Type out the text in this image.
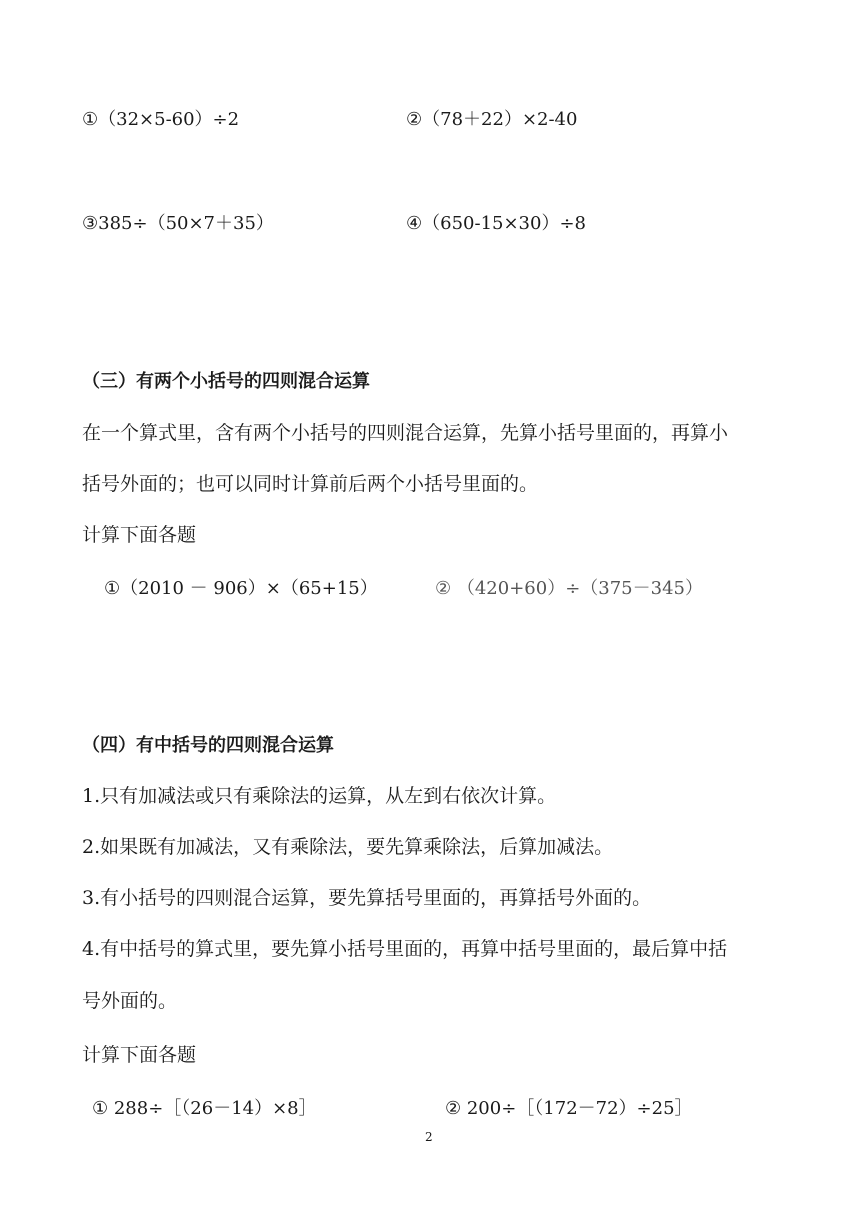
①（32×5-60）÷2	②（78＋22）×2-40
③385÷（50×7＋35）	④（650-15×30）÷8
（三）有两个小括号的四则混合运算
在一个算式里，含有两个小括号的四则混合运算，先算小括号里面的，再算小
括号外面的；也可以同时计算前后两个小括号里面的。
计算下面各题
①（2010 － 906）×（65+15）	② （420+60）÷（375－345）
（四）有中括号的四则混合运算
1.只有加减法或只有乘除法的运算，从左到右依次计算。
2.如果既有加减法，又有乘除法，要先算乘除法，后算加减法。
3.有小括号的四则混合运算，要先算括号里面的，再算括号外面的。
4.有中括号的算式里，要先算小括号里面的，再算中括号里面的，最后算中括
号外面的。
计算下面各题
① 288÷［（26－14）×8］	② 200÷［（172－72）÷25］
2
